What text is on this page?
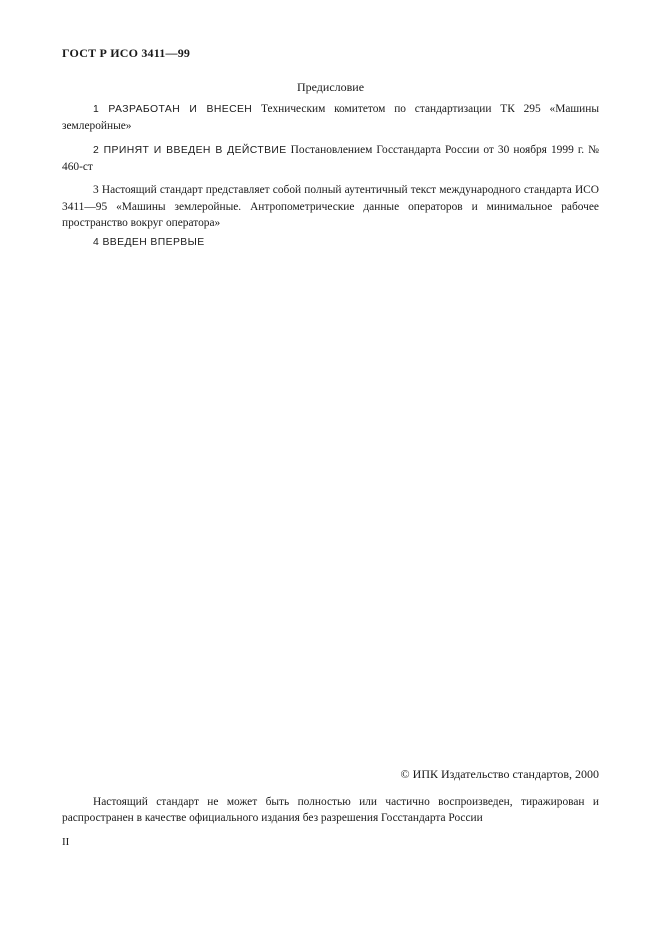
ГОСТ Р ИСО 3411—99
Предисловие
1 РАЗРАБОТАН И ВНЕСЕН Техническим комитетом по стандартизации ТК 295 «Машины землеройные»
2 ПРИНЯТ И ВВЕДЕН В ДЕЙСТВИЕ Постановлением Госстандарта России от 30 ноября 1999 г. № 460-ст
3 Настоящий стандарт представляет собой полный аутентичный текст международного стандарта ИСО 3411—95 «Машины землеройные. Антропометрические данные операторов и минимальное рабочее пространство вокруг оператора»
4 ВВЕДЕН ВПЕРВЫЕ
© ИПК Издательство стандартов, 2000
Настоящий стандарт не может быть полностью или частично воспроизведен, тиражирован и распространен в качестве официального издания без разрешения Госстандарта России
II
